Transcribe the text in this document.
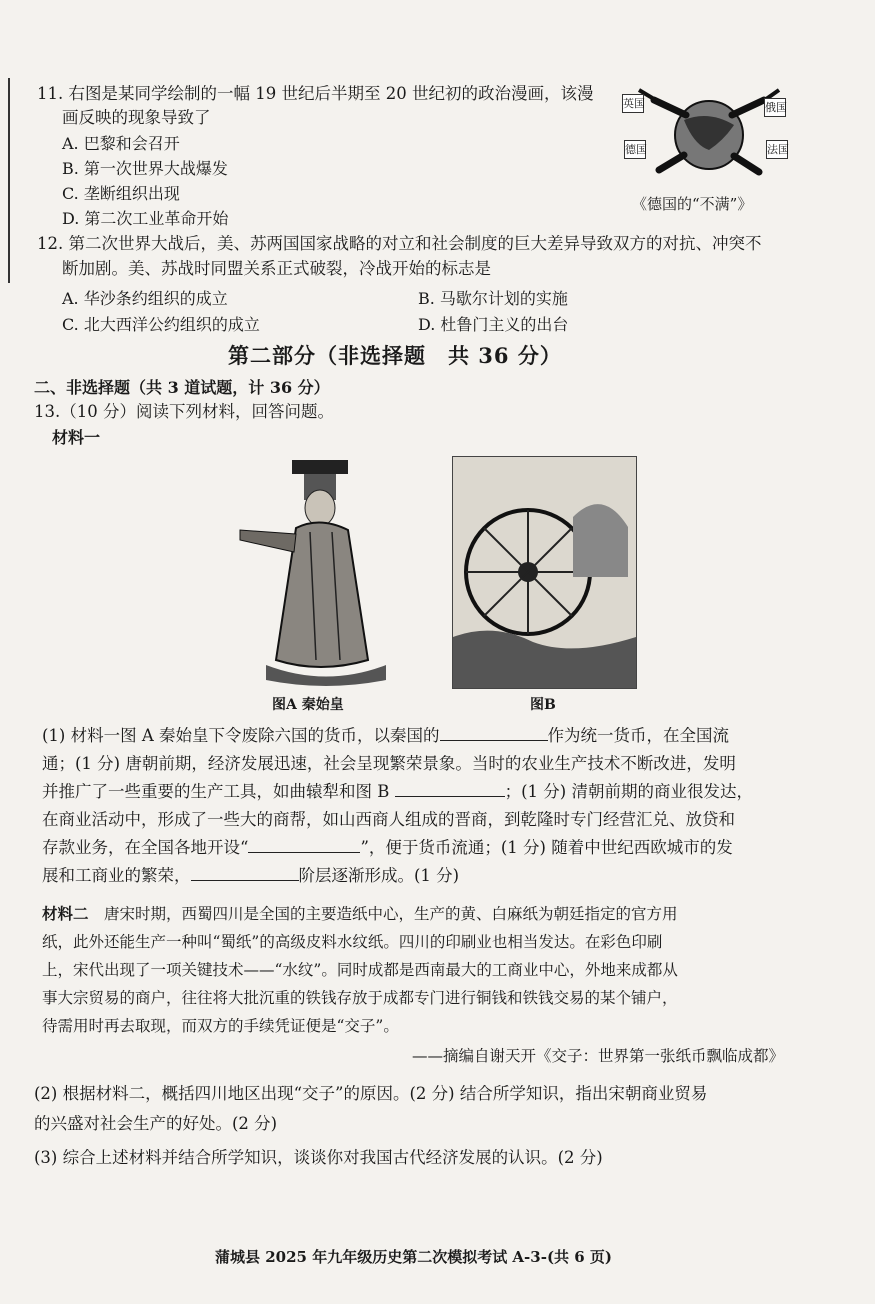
11. 右图是某同学绘制的一幅 19 世纪后半期至 20 世纪初的政治漫画，该漫
画反映的现象导致了
A. 巴黎和会召开
B. 第一次世界大战爆发
C. 垄断组织出现
D. 第二次工业革命开始
英国	俄国
德国	法国
《德国的“不满”》
12. 第二次世界大战后，美、苏两国国家战略的对立和社会制度的巨大差异导致双方的对抗、冲突不
断加剧。美、苏战时同盟关系正式破裂，冷战开始的标志是
A. 华沙条约组织的成立	B. 马歇尔计划的实施
C. 北大西洋公约组织的成立	D. 杜鲁门主义的出台
第二部分（非选择题　共 36 分）
二、非选择题（共 3 道试题，计 36 分）
13.（10 分）阅读下列材料，回答问题。
材料一
图A 秦始皇	图B
(1) 材料一图 A 秦始皇下令废除六国的货币，以秦国的	作为统一货币，在全国流
通；(1 分) 唐朝前期，经济发展迅速，社会呈现繁荣景象。当时的农业生产技术不断改进，发明
并推广了一些重要的生产工具，如曲辕犁和图 B	；(1 分) 清朝前期的商业很发达，
在商业活动中，形成了一些大的商帮，如山西商人组成的晋商，到乾隆时专门经营汇兑、放贷和
存款业务，在全国各地开设“	”，便于货币流通；(1 分) 随着中世纪西欧城市的发
展和工商业的繁荣，	阶层逐渐形成。(1 分)
材料二　 唐宋时期，西蜀四川是全国的主要造纸中心，生产的黄、白麻纸为朝廷指定的官方用
纸，此外还能生产一种叫“蜀纸”的高级皮料水纹纸。四川的印刷业也相当发达。在彩色印刷
上，宋代出现了一项关键技术——“水纹”。同时成都是西南最大的工商业中心，外地来成都从
事大宗贸易的商户，往往将大批沉重的铁钱存放于成都专门进行铜钱和铁钱交易的某个铺户，
待需用时再去取现，而双方的手续凭证便是“交子”。
——摘编自谢天开《交子：世界第一张纸币飘临成都》
(2) 根据材料二，概括四川地区出现“交子”的原因。(2 分) 结合所学知识，指出宋朝商业贸易
的兴盛对社会生产的好处。(2 分)
(3) 综合上述材料并结合所学知识，谈谈你对我国古代经济发展的认识。(2 分)
蒲城县 2025 年九年级历史第二次模拟考试 A-3-(共 6 页)
